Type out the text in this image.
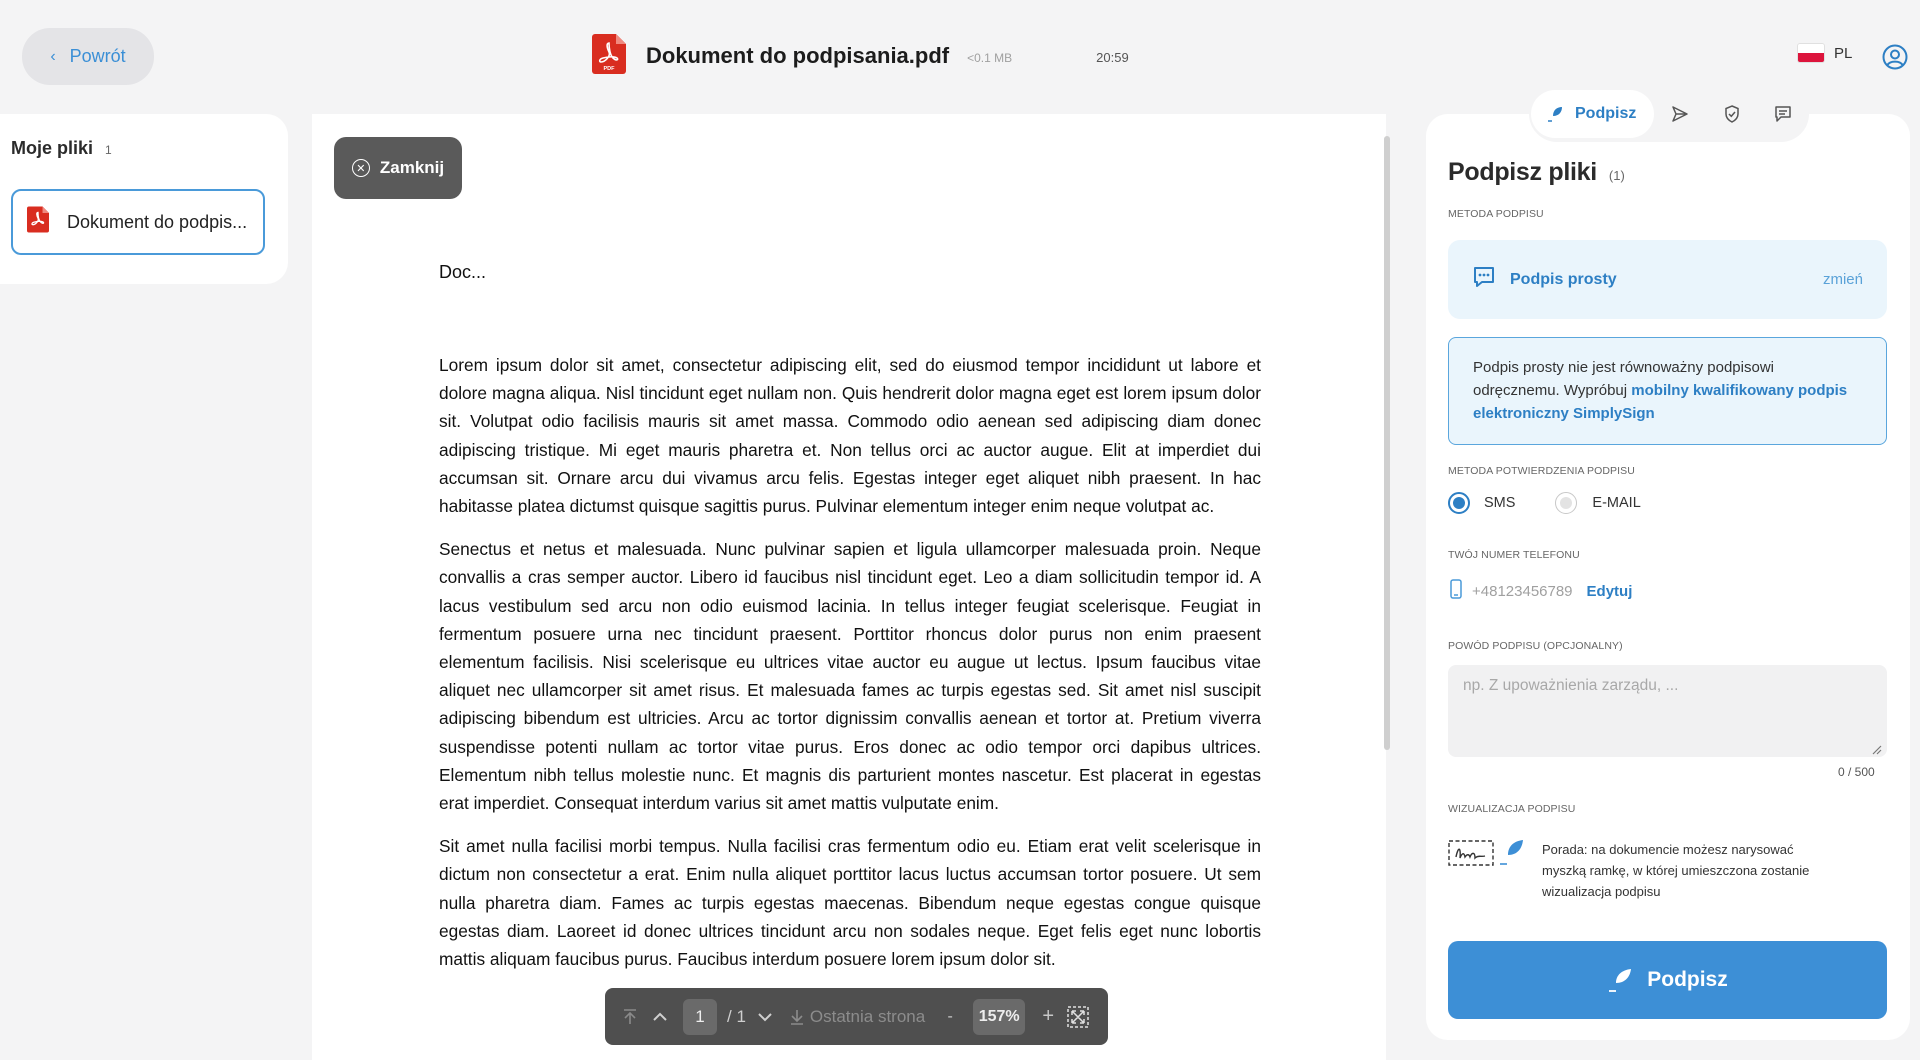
‹ Powrót
PDF
Dokument do podpisania.pdf <0.1 MB	20:59	PL
Moje pliki 1
Dokument do podpis...
✕ Zamknij
Doc...

Lorem ipsum dolor sit amet, consectetur adipiscing elit, sed do eiusmod tempor incididunt ut labore et dolore magna aliqua. Nisl tincidunt eget nullam non. Quis hendrerit dolor magna eget est lorem ipsum dolor sit. Volutpat odio facilisis mauris sit amet massa. Commodo odio aenean sed adipiscing diam donec adipiscing tristique. Mi eget mauris pharetra et. Non tellus orci ac auctor augue. Elit at imperdiet dui accumsan sit. Ornare arcu dui vivamus arcu felis. Egestas integer eget aliquet nibh praesent. In hac habitasse platea dictumst quisque sagittis purus. Pulvinar elementum integer enim neque volutpat ac.

Senectus et netus et malesuada. Nunc pulvinar sapien et ligula ullamcorper malesuada proin. Neque convallis a cras semper auctor. Libero id faucibus nisl tincidunt eget. Leo a diam sollicitudin tempor id. A lacus vestibulum sed arcu non odio euismod lacinia. In tellus integer feugiat scelerisque. Feugiat in fermentum posuere urna nec tincidunt praesent. Porttitor rhoncus dolor purus non enim praesent elementum facilisis. Nisi scelerisque eu ultrices vitae auctor eu augue ut lectus. Ipsum faucibus vitae aliquet nec ullamcorper sit amet risus. Et malesuada fames ac turpis egestas sed. Sit amet nisl suscipit adipiscing bibendum est ultricies. Arcu ac tortor dignissim convallis aenean et tortor at. Pretium viverra suspendisse potenti nullam ac tortor vitae purus. Eros donec ac odio tempor orci dapibus ultrices. Elementum nibh tellus molestie nunc. Et magnis dis parturient montes nascetur. Est placerat in egestas erat imperdiet. Consequat interdum varius sit amet mattis vulputate enim.

Sit amet nulla facilisi morbi tempus. Nulla facilisi cras fermentum odio eu. Etiam erat velit scelerisque in dictum non consectetur a erat. Enim nulla aliquet porttitor lacus luctus accumsan tortor posuere. Ut sem nulla pharetra diam. Fames ac turpis egestas maecenas. Bibendum neque egestas congue quisque egestas diam. Laoreet id donec ultrices tincidunt arcu non sodales neque. Eget felis eget nunc lobortis mattis aliquam faucibus purus. Faucibus interdum posuere lorem ipsum dolor sit.

1
/ 1	Ostatnia strona	-	157%	+
Podpisz
Podpisz pliki (1)
METODA PODPISU
Podpis prosty	zmień
Podpis prosty nie jest równoważny podpisowi odręcznemu. Wypróbuj mobilny kwalifikowany podpis elektroniczny SimplySign
METODA POTWIERDZENIA PODPISU
SMS	E-MAIL
TWÓJ NUMER TELEFONU
+48123456789 Edytuj
POWÓD PODPISU (OPCJONALNY)
np. Z upoważnienia zarządu, ...
0 / 500
WIZUALIZACJA PODPISU
Porada: na dokumencie możesz narysować myszką ramkę, w której umieszczona zostanie wizualizacja podpisu
Podpisz
